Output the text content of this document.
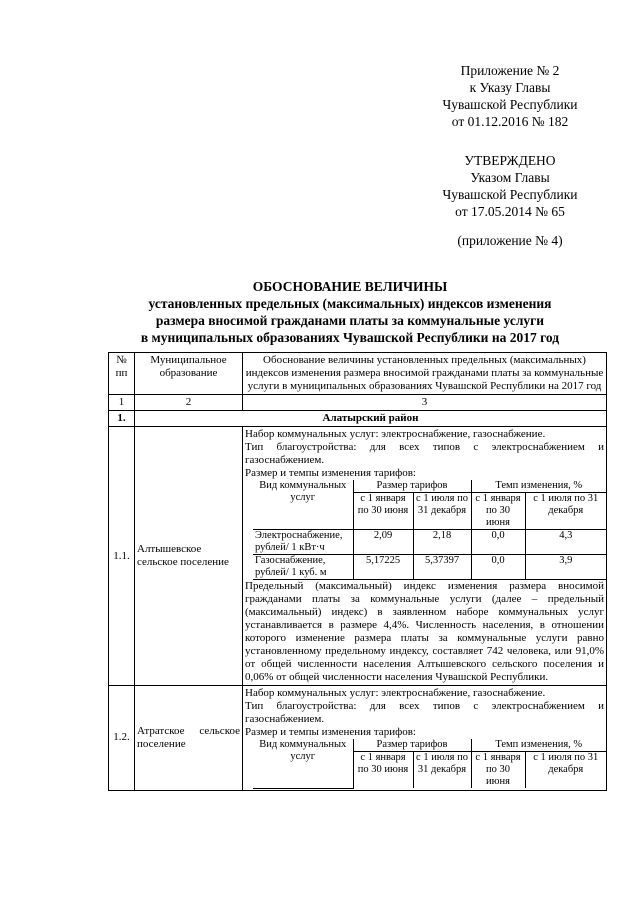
Приложение № 2
к Указу Главы
Чувашской Республики
от 01.12.2016 № 182
УТВЕРЖДЕНО
Указом Главы
Чувашской Республики
от 17.05.2014 № 65
(приложение № 4)
ОБОСНОВАНИЕ ВЕЛИЧИНЫ
установленных предельных (максимальных) индексов изменения
размера вносимой гражданами платы за коммунальные услуги
в муниципальных образованиях Чувашской Республики на 2017 год
№ пп	Муниципальное образование	Обоснование величины установленных предельных (максимальных) индексов изменения размера вносимой гражданами платы за коммунальные услуги в муниципальных образованиях Чувашской Республики на 2017 год
1	2	3
1.	Алатырский район
1.1.	Алтышевское сельское поселение	
Набор коммунальных услуг: электроснабжение, газоснабжение.
Тип благоустройства: для всех типов с электроснабжением и газоснабжением.
Размер и темпы изменения тарифов:
Вид коммунальных услуг	Размер тарифов	Темп изменения, %
с 1 января по 30 июня	с 1 июля по 31 декабря	с 1 января по 30 июня	с 1 июля по 31 декабря
Электроснабжение, рублей/ 1 кВт·ч	2,09	2,18	0,0	4,3
Газоснабжение, рублей/ 1 куб. м	5,17225	5,37397	0,0	3,9
Предельный (максимальный) индекс изменения размера вносимой гражданами платы за коммунальные услуги (далее – предельный (максимальный) индекс) в заявленном наборе коммунальных услуг устанавливается в размере 4,4%. Численность населения, в отношении которого изменение размера платы за коммунальные услуги равно установленному предельному индексу, составляет 742 человека, или 91,0% от общей численности населения Алтышевского сельского поселения и 0,06% от общей численности населения Чувашской Республики.

1.2.	Атратское сельское поселение	
Набор коммунальных услуг: электроснабжение, газоснабжение.
Тип благоустройства: для всех типов с электроснабжением и газоснабжением.
Размер и темпы изменения тарифов:
Вид коммунальных услуг	Размер тарифов	Темп изменения, %
с 1 января по 30 июня	с 1 июля по 31 декабря	с 1 января по 30 июня	с 1 июля по 31 декабря
